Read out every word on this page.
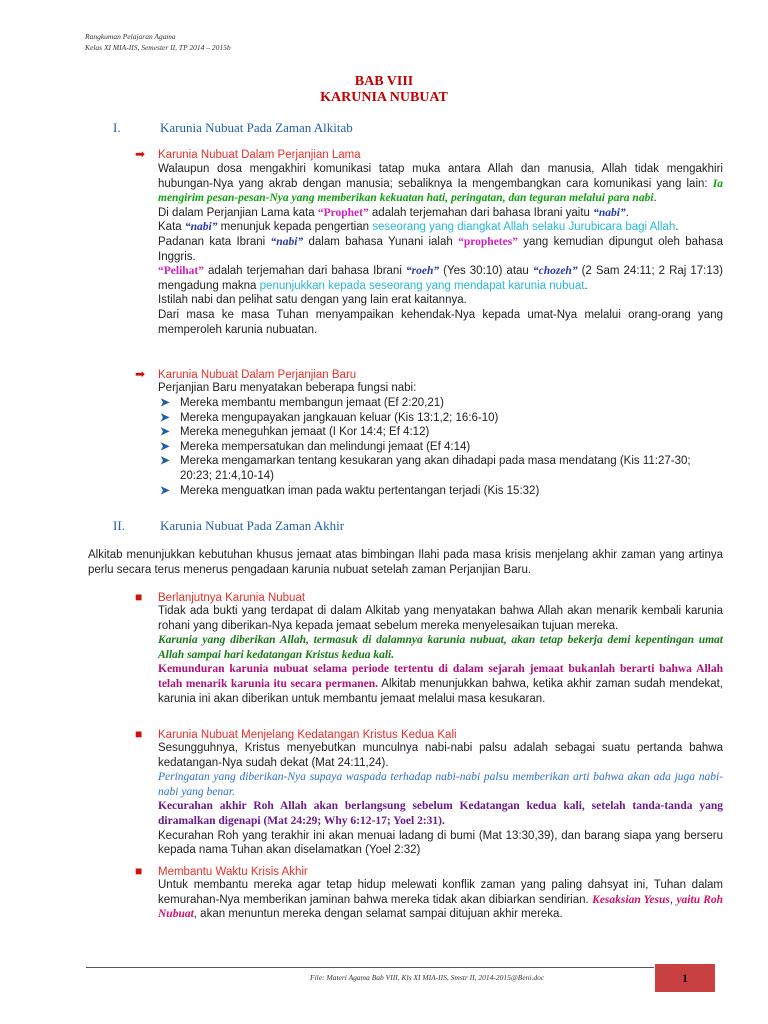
Rangkuman Pelajaran Agama
Kelas XI MIA-IIS, Semester II, TP 2014 – 2015b
BAB VIII
KARUNIA NUBUAT
I.	Karunia Nubuat Pada Zaman Alkitab
➡ Karunia Nubuat Dalam Perjanjian Lama

Walaupun dosa mengakhiri komunikasi tatap muka antara Allah dan manusia, Allah tidak mengakhiri hubungan-Nya yang akrab dengan manusia; sebaliknya Ia mengembangkan cara komunikasi yang lain: Ia mengirim pesan-pesan-Nya yang memberikan kekuatan hati, peringatan, dan teguran melalui para nabi.

Di dalam Perjanjian Lama kata “Prophet” adalah terjemahan dari bahasa Ibrani yaitu “nabi”.

Kata “nabi” menunjuk kepada pengertian seseorang yang diangkat Allah selaku Jurubicara bagi Allah.

Padanan kata Ibrani “nabi” dalam bahasa Yunani ialah “prophetes” yang kemudian dipungut oleh bahasa Inggris.

“Pelihat” adalah terjemahan dari bahasa Ibrani “roeh” (Yes 30:10) atau “chozeh” (2 Sam 24:11; 2 Raj 17:13) mengadung makna penunjukkan kepada seseorang yang mendapat karunia nubuat.

Istilah nabi dan pelihat satu dengan yang lain erat kaitannya.

Dari masa ke masa Tuhan menyampaikan kehendak-Nya kepada umat-Nya melalui orang-orang yang memperoleh karunia nubuatan.

➡ Karunia Nubuat Dalam Perjanjian Baru
Perjanjian Baru menyatakan beberapa fungsi nabi:
➤ Mereka membantu membangun jemaat (Ef 2:20,21)
➤ Mereka mengupayakan jangkauan keluar (Kis 13:1,2; 16:6-10)
➤ Mereka meneguhkan jemaat (I Kor 14:4; Ef 4:12)
➤ Mereka mempersatukan dan melindungi jemaat (Ef 4:14)
➤ Mereka mengamarkan tentang kesukaran yang akan dihadapi pada masa mendatang (Kis 11:27-30; 20:23; 21:4,10-14)
➤ Mereka menguatkan iman pada waktu pertentangan terjadi (Kis 15:32)
II.	Karunia Nubuat Pada Zaman Akhir
Alkitab menunjukkan kebutuhan khusus jemaat atas bimbingan Ilahi pada masa krisis menjelang akhir zaman yang artinya perlu secara terus menerus pengadaan karunia nubuat setelah zaman Perjanjian Baru.
■ Berlanjutnya Karunia Nubuat

Tidak ada bukti yang terdapat di dalam Alkitab yang menyatakan bahwa Allah akan menarik kembali karunia rohani yang diberikan-Nya kepada jemaat sebelum mereka menyelesaikan tujuan mereka.

Karunia yang diberikan Allah, termasuk di dalamnya karunia nubuat, akan tetap bekerja demi kepentingan umat Allah sampai hari kedatangan Kristus kedua kali.

Kemunduran karunia nubuat selama periode tertentu di dalam sejarah jemaat bukanlah berarti bahwa Allah telah menarik karunia itu secara permanen. Alkitab menunjukkan bahwa, ketika akhir zaman sudah mendekat, karunia ini akan diberikan untuk membantu jemaat melalui masa kesukaran.

■ Karunia Nubuat Menjelang Kedatangan Kristus Kedua Kali

Sesungguhnya, Kristus menyebutkan munculnya nabi-nabi palsu adalah sebagai suatu pertanda bahwa kedatangan-Nya sudah dekat (Mat 24:11,24).

Peringatan yang diberikan-Nya supaya waspada terhadap nabi-nabi palsu memberikan arti bahwa akan ada juga nabi-nabi yang benar.

Kecurahan akhir Roh Allah akan berlangsung sebelum Kedatangan kedua kali, setelah tanda-tanda yang diramalkan digenapi (Mat 24:29; Why 6:12-17; Yoel 2:31).

Kecurahan Roh yang terakhir ini akan menuai ladang di bumi (Mat 13:30,39), dan barang siapa yang berseru kepada nama Tuhan akan diselamatkan (Yoel 2:32)

■ Membantu Waktu Krisis Akhir

Untuk membantu mereka agar tetap hidup melewati konflik zaman yang paling dahsyat ini, Tuhan dalam kemurahan-Nya memberikan jaminan bahwa mereka tidak akan dibiarkan sendirian. Kesaksian Yesus, yaitu Roh Nubuat, akan menuntun mereka dengan selamat sampai ditujuan akhir mereka.

File: Materi Agama Bab VIII, Kls XI MIA-IIS, Smstr II, 2014-2015@Beni.doc	1
